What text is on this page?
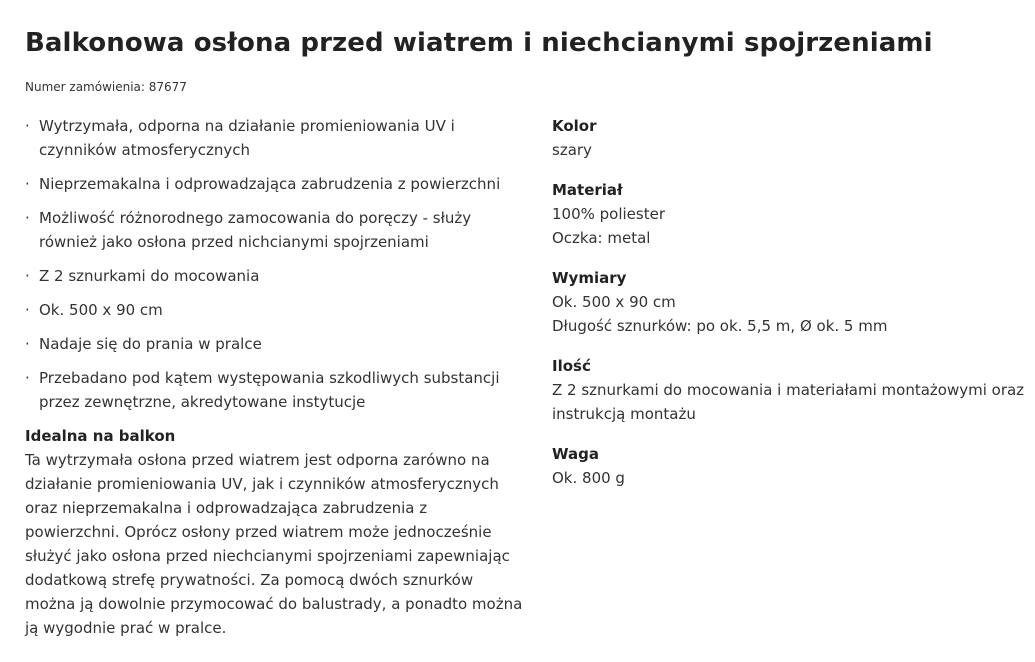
Balkonowa osłona przed wiatrem i niechcianymi spojrzeniami
Numer zamówienia: 87677
· Wytrzymała, odporna na działanie promieniowania UV i czynników atmosferycznych
· Nieprzemakalna i odprowadzająca zabrudzenia z powierzchni
· Możliwość różnorodnego zamocowania do poręczy - służy również jako osłona przed nichcianymi spojrzeniami
· Z 2 sznurkami do mocowania
· Ok. 500 x 90 cm
· Nadaje się do prania w pralce
· Przebadano pod kątem występowania szkodliwych substancji przez zewnętrzne, akredytowane instytucje
Idealna na balkon

Ta wytrzymała osłona przed wiatrem jest odporna zarówno na działanie promieniowania UV, jak i czynników atmosferycznych oraz nieprzemakalna i odprowadzająca zabrudzenia z powierzchni. Oprócz osłony przed wiatrem może jednocześnie służyć jako osłona przed niechcianymi spojrzeniami zapewniając dodatkową strefę prywatności. Za pomocą dwóch sznurków można ją dowolnie przymocować do balustrady, a ponadto można ją wygodnie prać w pralce.

Kolor
szary
Materiał
100% poliester
Oczka: metal
Wymiary
Ok. 500 x 90 cm
Długość sznurków: po ok. 5,5 m, Ø ok. 5 mm
Ilość
Z 2 sznurkami do mocowania i materiałami montażowymi oraz instrukcją montażu
Waga
Ok. 800 g
